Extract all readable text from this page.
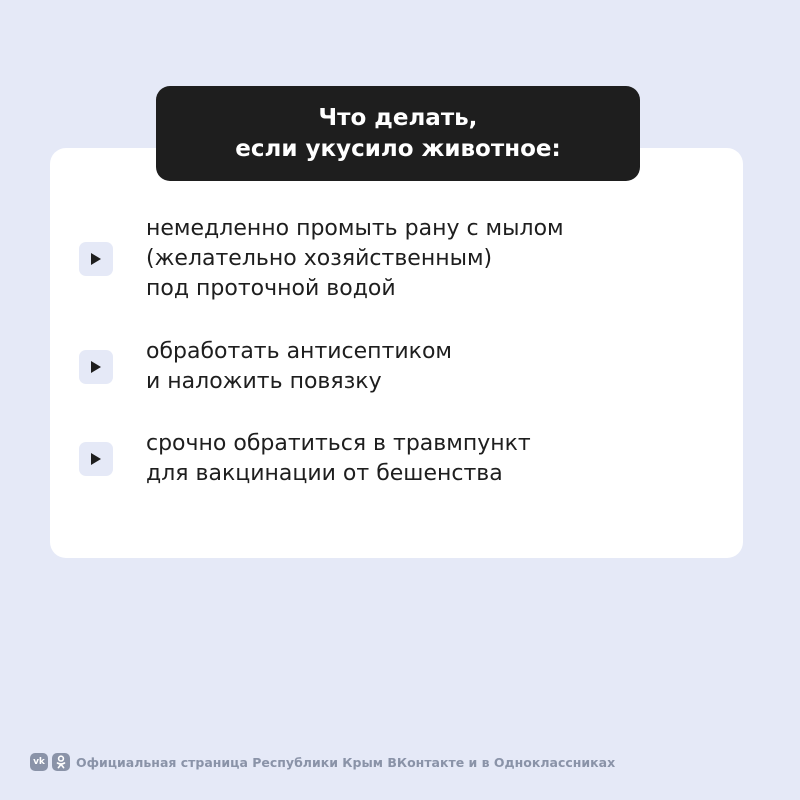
немедленно промыть рану с мылом
(желательно хозяйственным)
под проточной водой
обработать антисептиком
и наложить повязку
срочно обратиться в травмпункт
для вакцинации от бешенства
Что делать,
если укусило животное:
vk Официальная страница Республики Крым ВКонтакте и в Одноклассниках
